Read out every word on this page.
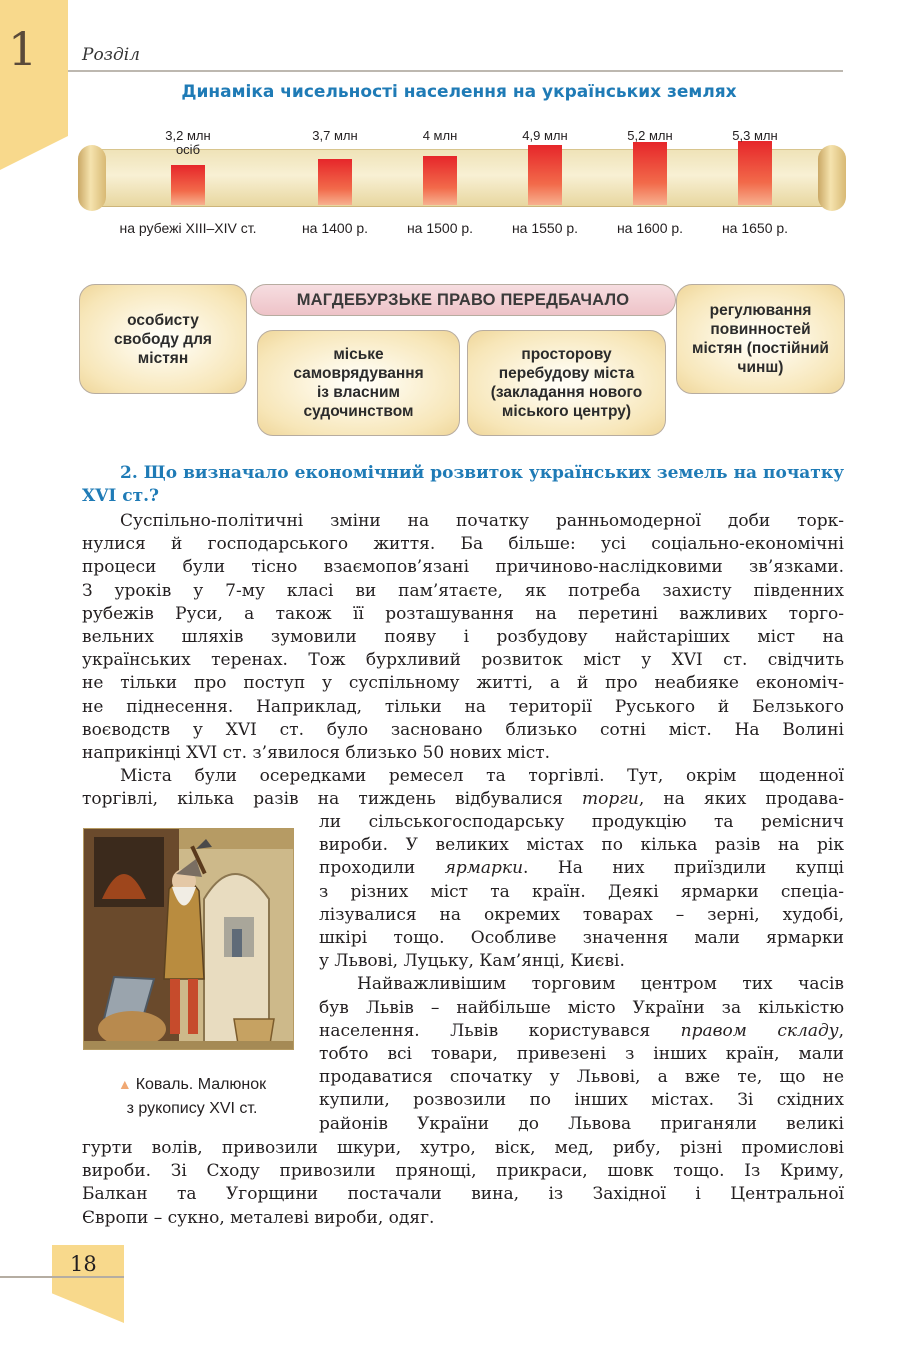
1	Розділ
Динаміка чисельності населення на українських землях
3,2 млн
осіб
на рубежі XIII–XIV ст.
3,7 млн
на 1400 р.
4 млн
на 1500 р.
4,9 млн
на 1550 р.
5,2 млн
на 1600 р.
5,3 млн
на 1650 р.
МАГДЕБУРЗЬКЕ ПРАВО ПЕРЕДБАЧАЛО
особисту
свободу для
містян	міське
самоврядування
із власним
судочинством
просторову
перебудову міста
(закладання нового
міського центру)
регулювання
повинностей
містян (постійний
чинш)
2. Що визначало економічний розвиток українських земель на початку XVI ст.?
Суспільно-політичні зміни на початку ранньомодерної доби торк-
нулися й господарського життя. Ба більше: усі соціально-економічні
процеси були тісно взаємопов’язані причиново-наслідковими зв’язками.
З уроків у 7-му класі ви пам’ятаєте, як потреба захисту південних
рубежів Руси, а також її розташування на перетині важливих торго-
вельних шляхів зумовили появу і розбудову найстаріших міст на
українських теренах. Тож бурхливий розвиток міст у XVI ст. свідчить
не тільки про поступ у суспільному житті, а й про неабияке економіч-
не піднесення. Наприклад, тільки на території Руського й Белзького
воєводств у XVI ст. було засновано близько сотні міст. На Волині
наприкінці XVI ст. з’явилося близько 50 нових міст.
Міста були осередками ремесел та торгівлі. Тут, окрім щоденної
торгівлі, кілька разів на тиждень відбувалися торги, на яких продава-
ли сільськогосподарську продукцію та реміснич
вироби. У великих містах по кілька разів на рік
проходили ярмарки. На них приїздили купці
з різних міст та країн. Деякі ярмарки спеціа-
лізувалися на окремих товарах – зерні, худобі,
шкірі тощо. Особливе значення мали ярмарки
у Львові, Луцьку, Кам’янці, Києві.
Найважливішим торговим центром тих часів
був Львів – найбільше місто України за кількістю
населення. Львів користувався правом складу,
тобто всі товари, привезені з інших країн, мали
продаватися спочатку у Львові, а вже те, що не
купили, розвозили по інших містах. Зі східних
районів України до Львова приганяли великі
гурти волів, привозили шкури, хутро, віск, мед, рибу, різні промислові
вироби. Зі Сходу привозили прянощі, прикраси, шовк тощо. Із Криму,
Балкан та Угорщини постачали вина, із Західної і Центральної
Європи – сукно, металеві вироби, одяг.
▲ Коваль. Малюнок
з рукопису XVI ст.
18
